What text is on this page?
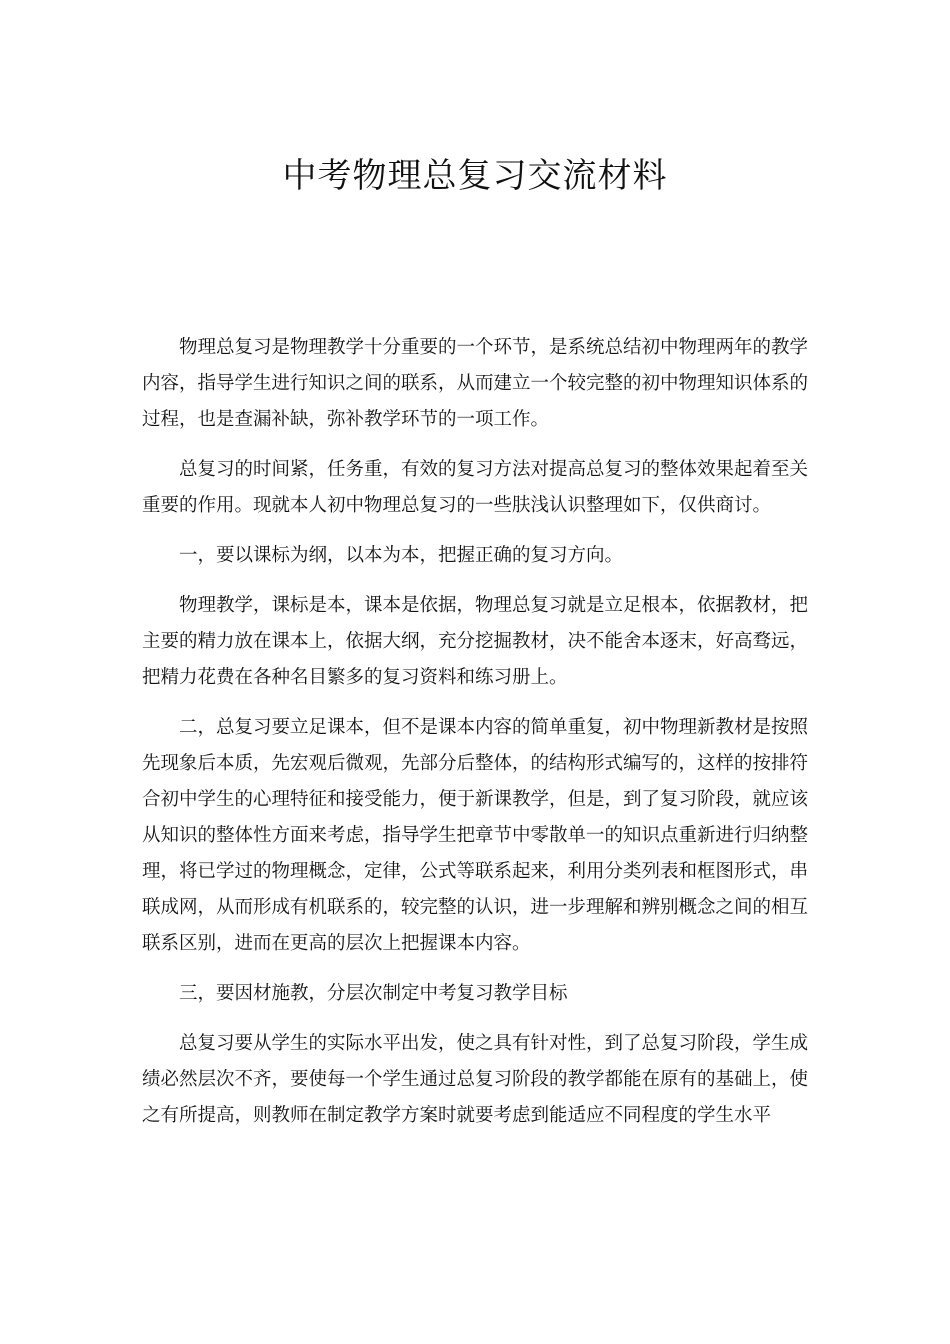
中考物理总复习交流材料

物理总复习是物理教学十分重要的一个环节，是系统总结初中物理两年的教学内容，指导学生进行知识之间的联系，从而建立一个较完整的初中物理知识体系的过程，也是查漏补缺，弥补教学环节的一项工作。

总复习的时间紧，任务重，有效的复习方法对提高总复习的整体效果起着至关重要的作用。现就本人初中物理总复习的一些肤浅认识整理如下，仅供商讨。

一，要以课标为纲，以本为本，把握正确的复习方向。

物理教学，课标是本，课本是依据，物理总复习就是立足根本，依据教材，把主要的精力放在课本上，依据大纲，充分挖掘教材，决不能舍本逐末，好高骛远，把精力花费在各种名目繁多的复习资料和练习册上。

二，总复习要立足课本，但不是课本内容的简单重复，初中物理新教材是按照先现象后本质，先宏观后微观，先部分后整体，的结构形式编写的，这样的按排符合初中学生的心理特征和接受能力，便于新课教学，但是，到了复习阶段，就应该从知识的整体性方面来考虑，指导学生把章节中零散单一的知识点重新进行归纳整理，将已学过的物理概念，定律，公式等联系起来，利用分类列表和框图形式，串联成网，从而形成有机联系的，较完整的认识，进一步理解和辨别概念之间的相互联系区别，进而在更高的层次上把握课本内容。

三，要因材施教，分层次制定中考复习教学目标

总复习要从学生的实际水平出发，使之具有针对性，到了总复习阶段，学生成绩必然层次不齐，要使每一个学生通过总复习阶段的教学都能在原有的基础上，使之有所提高，则教师在制定教学方案时就要考虑到能适应不同程度的学生水平
